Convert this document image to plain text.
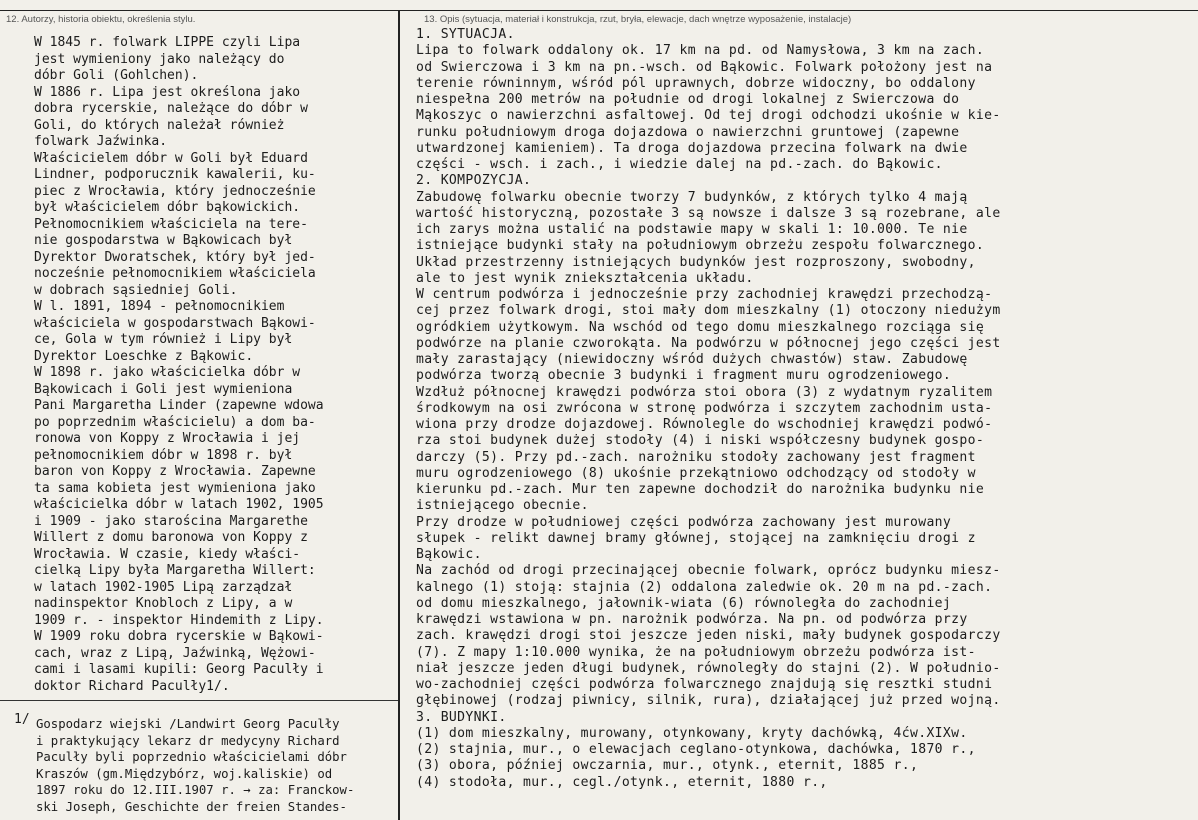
12. Autorzy, historia obiektu, określenia stylu.	13. Opis (sytuacja, materiał i konstrukcja, rzut, bryła, elewacje, dach wnętrze wyposażenie, instalacje)
W 1845 r. folwark LIPPE czyli Lipa
jest wymieniony jako należący do
dóbr Goli (Gohlchen).
W 1886 r. Lipa jest określona jako
dobra rycerskie, należące do dóbr w
Goli, do których należał również
folwark Jaźwinka.
Właścicielem dóbr w Goli był Eduard
Lindner, podporucznik kawalerii, ku-
piec z Wrocławia, który jednocześnie
był właścicielem dóbr bąkowickich.
Pełnomocnikiem właściciela na tere-
nie gospodarstwa w Bąkowicach był
Dyrektor Dworatschek, który był jed-
nocześnie pełnomocnikiem właściciela
w dobrach sąsiedniej Goli.
W l. 1891, 1894 - pełnomocnikiem
właściciela w gospodarstwach Bąkowi-
ce, Gola w tym również i Lipy był
Dyrektor Loeschke z Bąkowic.
W 1898 r. jako właścicielka dóbr w
Bąkowicach i Goli jest wymieniona
Pani Margaretha Linder (zapewne wdowa
po poprzednim właścicielu) a dom ba-
ronowa von Koppy z Wrocławia i jej
pełnomocnikiem dóbr w 1898 r. był
baron von Koppy z Wrocławia. Zapewne
ta sama kobieta jest wymieniona jako
właścicielka dóbr w latach 1902, 1905
i 1909 - jako starościna Margarethe
Willert z domu baronowa von Koppy z
Wrocławia. W czasie, kiedy właści-
cielką Lipy była Margaretha Willert:
w latach 1902-1905 Lipą zarządzał
nadinspektor Knobloch z Lipy, a w
1909 r. - inspektor Hindemith z Lipy.
W 1909 roku dobra rycerskie w Bąkowi-
cach, wraz z Lipą, Jaźwinką, Wężowi-
cami i lasami kupili: Georg Paculły i
doktor Richard Paculły1/.
1. SYTUACJA.
Lipa to folwark oddalony ok. 17 km na pd. od Namysłowa, 3 km na zach.
od Świerczowa i 3 km na pn.-wsch. od Bąkowic. Folwark położony jest na
terenie równinnym, wśród pól uprawnych, dobrze widoczny, bo oddalony
niespełna 200 metrów na południe od drogi lokalnej z Świerczowa do
Mąkoszyc o nawierzchni asfaltowej. Od tej drogi odchodzi ukośnie w kie-
runku południowym droga dojazdowa o nawierzchni gruntowej (zapewne
utwardzonej kamieniem). Ta droga dojazdowa przecina folwark na dwie
części - wsch. i zach., i wiedzie dalej na pd.-zach. do Bąkowic.
2. KOMPOZYCJA.
Zabudowę folwarku obecnie tworzy 7 budynków, z których tylko 4 mają
wartość historyczną, pozostałe 3 są nowsze i dalsze 3 są rozebrane, ale
ich zarys można ustalić na podstawie mapy w skali 1: 10.000. Te nie
istniejące budynki stały na południowym obrzeżu zespołu folwarcznego.
Układ przestrzenny istniejących budynków jest rozproszony, swobodny,
ale to jest wynik zniekształcenia układu.
W centrum podwórza i jednocześnie przy zachodniej krawędzi przechodzą-
cej przez folwark drogi, stoi mały dom mieszkalny (1) otoczony niedużym
ogródkiem użytkowym. Na wschód od tego domu mieszkalnego rozciąga się
podwórze na planie czworokąta. Na podwórzu w północnej jego części jest
mały zarastający (niewidoczny wśród dużych chwastów) staw. Zabudowę
podwórza tworzą obecnie 3 budynki i fragment muru ogrodzeniowego.
Wzdłuż północnej krawędzi podwórza stoi obora (3) z wydatnym ryzalitem
środkowym na osi zwrócona w stronę podwórza i szczytem zachodnim usta-
wiona przy drodze dojazdowej. Równolegle do wschodniej krawędzi podwó-
rza stoi budynek dużej stodoły (4) i niski współczesny budynek gospo-
darczy (5). Przy pd.-zach. narożniku stodoły zachowany jest fragment
muru ogrodzeniowego (8) ukośnie przekątniowo odchodzący od stodoły w
kierunku pd.-zach. Mur ten zapewne dochodził do narożnika budynku nie
istniejącego obecnie.
Przy drodze w południowej części podwórza zachowany jest murowany
słupek - relikt dawnej bramy głównej, stojącej na zamknięciu drogi z
Bąkowic.
Na zachód od drogi przecinającej obecnie folwark, oprócz budynku miesz-
kalnego (1) stoją: stajnia (2) oddalona zaledwie ok. 20 m na pd.-zach.
od domu mieszkalnego, jałownik-wiata (6) równoległa do zachodniej
krawędzi wstawiona w pn. narożnik podwórza. Na pn. od podwórza przy
zach. krawędzi drogi stoi jeszcze jeden niski, mały budynek gospodarczy
(7). Z mapy 1:10.000 wynika, że na południowym obrzeżu podwórza ist-
niał jeszcze jeden długi budynek, równoległy do stajni (2). W południo-
wo-zachodniej części podwórza folwarcznego znajdują się resztki studni
głębinowej (rodzaj piwnicy, silnik, rura), działającej już przed wojną.
3. BUDYNKI.
(1) dom mieszkalny, murowany, otynkowany, kryty dachówką, 4ćw.XIXw.
(2) stajnia, mur., o elewacjach ceglano-otynkowa, dachówka, 1870 r.,
(3) obora, później owczarnia, mur., otynk., eternit, 1885 r.,
(4) stodoła, mur., cegl./otynk., eternit, 1880 r.,
1/ Gospodarz wiejski /Landwirt Georg Paculły
i praktykujący lekarz dr medycyny Richard
Paculły byli poprzednio właścicielami dóbr
Kraszów (gm.Międzybórz, woj.kaliskie) od
1897 roku do 12.III.1907 r. → za: Franckow-
ski Joseph, Geschichte der freien Standes-
